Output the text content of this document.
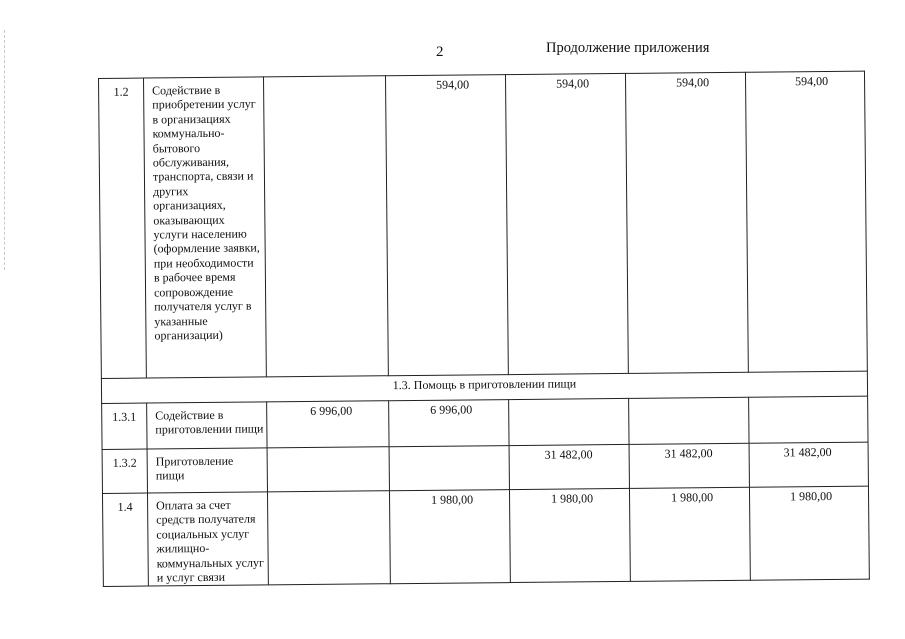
2	Продолжение приложения
1.2	Содействие в приобретении услуг в организациях коммунально-бытового обслуживания, транспорта, связи и других организациях, оказывающих услуги населению (оформление заявки, при необходимости в рабочее время сопровождение получателя услуг в указанные организации)		594,00	594,00	594,00	594,00
1.3. Помощь в приготовлении пищи						
1.3.1	Содействие в приготовлении пищи	6 996,00	6 996,00			
1.3.2	Приготовление пищи			31 482,00	31 482,00	31 482,00
1.4	Оплата за счет средств получателя социальных услуг жилищно-коммунальных услуг и услуг связи		1 980,00	1 980,00	1 980,00	1 980,00
